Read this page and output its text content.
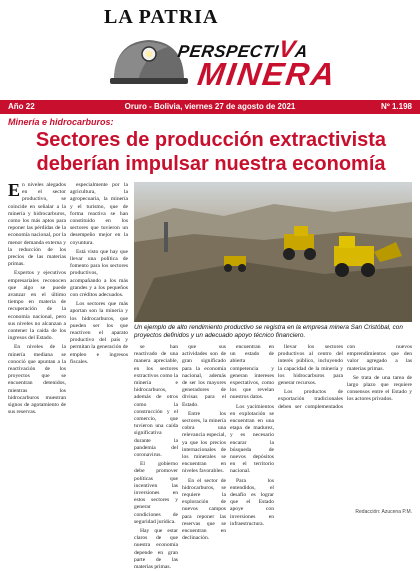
LA PATRIA
PERSPECTIVA
MINERA
Año 22	Oruro - Bolivia, viernes 27 de agosto de 2021	Nº 1.198
Minería e hidrocarburos:
Sectores de producción extractivista deberían impulsar nuestra economía
E n niveles alegados en el sector productivo, se coincide en señalar a la minería y hidrocarburos, como los más aptos para reponer las pérdidas de la economía nacional, por la menor demanda externa y la reducción de los precios de las materias primas.

Expertos y ejecutivos empresariales reconocen que algo se puede avanzar en el último tiempo en materia de recuperación de la economía nacional, pero sus niveles no alcanzan a contener la caída de los ingresos del Estado.

En niveles de la minería mediana se conoció que apuntan a la reactivación de los proyectos que se encuentran detenidos, mientras los hidrocarburos muestran signos de agotamiento de sus reservas.

especialmente por la agricultura, la agropecuaria, la minería y el turismo, que de forma reactiva se han constituido en los sectores que tuvieron un desempeño mejor en la coyuntura.

Está visto que hay que llevar una política de fomento para los sectores productivos, acompañando a los más grandes y a los pequeños con créditos adecuados.

Los sectores que más aportan son la minería y los hidrocarburos, que pueden ser los que reactiven el aparato productivo del país y permitan la generación de empleo e ingresos fiscales.

Un ejemplo de alto rendimiento productivo se registra en la empresa minera San Cristóbal, con proyectos definidos y un adecuado apoyo técnico financiero.

se han reactivado de una manera apreciable, en los sectores extractivos como la minería e hidrocarburos, además de otros como la construcción y el comercio, que tuvieron una caída significativa durante la pandemia del coronavirus.

El gobierno debe promover políticas que incentiven las inversiones en estos sectores y generar condiciones de seguridad jurídica.

Hay que estar claros de que nuestra economía depende en gran parte de las materias primas.

que sus actividades son de gran significado para la economía nacional, además de ser los mayores generadores de divisas para el Estado.

Entre los sectores, la minería cobra una relevancia especial, ya que los precios internacionales de los minerales se encuentran en niveles favorables.

En el sector de hidrocarburos, se requiere la exploración de nuevos campos para reponer las reservas que se encuentran en declinación.

encuentran en un estado de abierta competencia y generan intereses expectativos, como los que revelan nuestros datos.

Los yacimientos en explotación se encuentran en una etapa de madurez, y es necesario encarar la búsqueda de nuevos depósitos en el territorio nacional.

Para los entendidos, el desafío es lograr que el Estado apoye con inversiones en infraestructura.

llevar los sectores productivos al centro del interés público, incluyendo la capacidad de la minería y los hidrocarburos para generar recursos.

Los productos de exportación tradicionales deben ser complementados con nuevos emprendimientos que den valor agregado a las materias primas.

Se trata de una tarea de largo plazo que requiere consensos entre el Estado y los actores privados.

Redacción: Azucena P.M.
